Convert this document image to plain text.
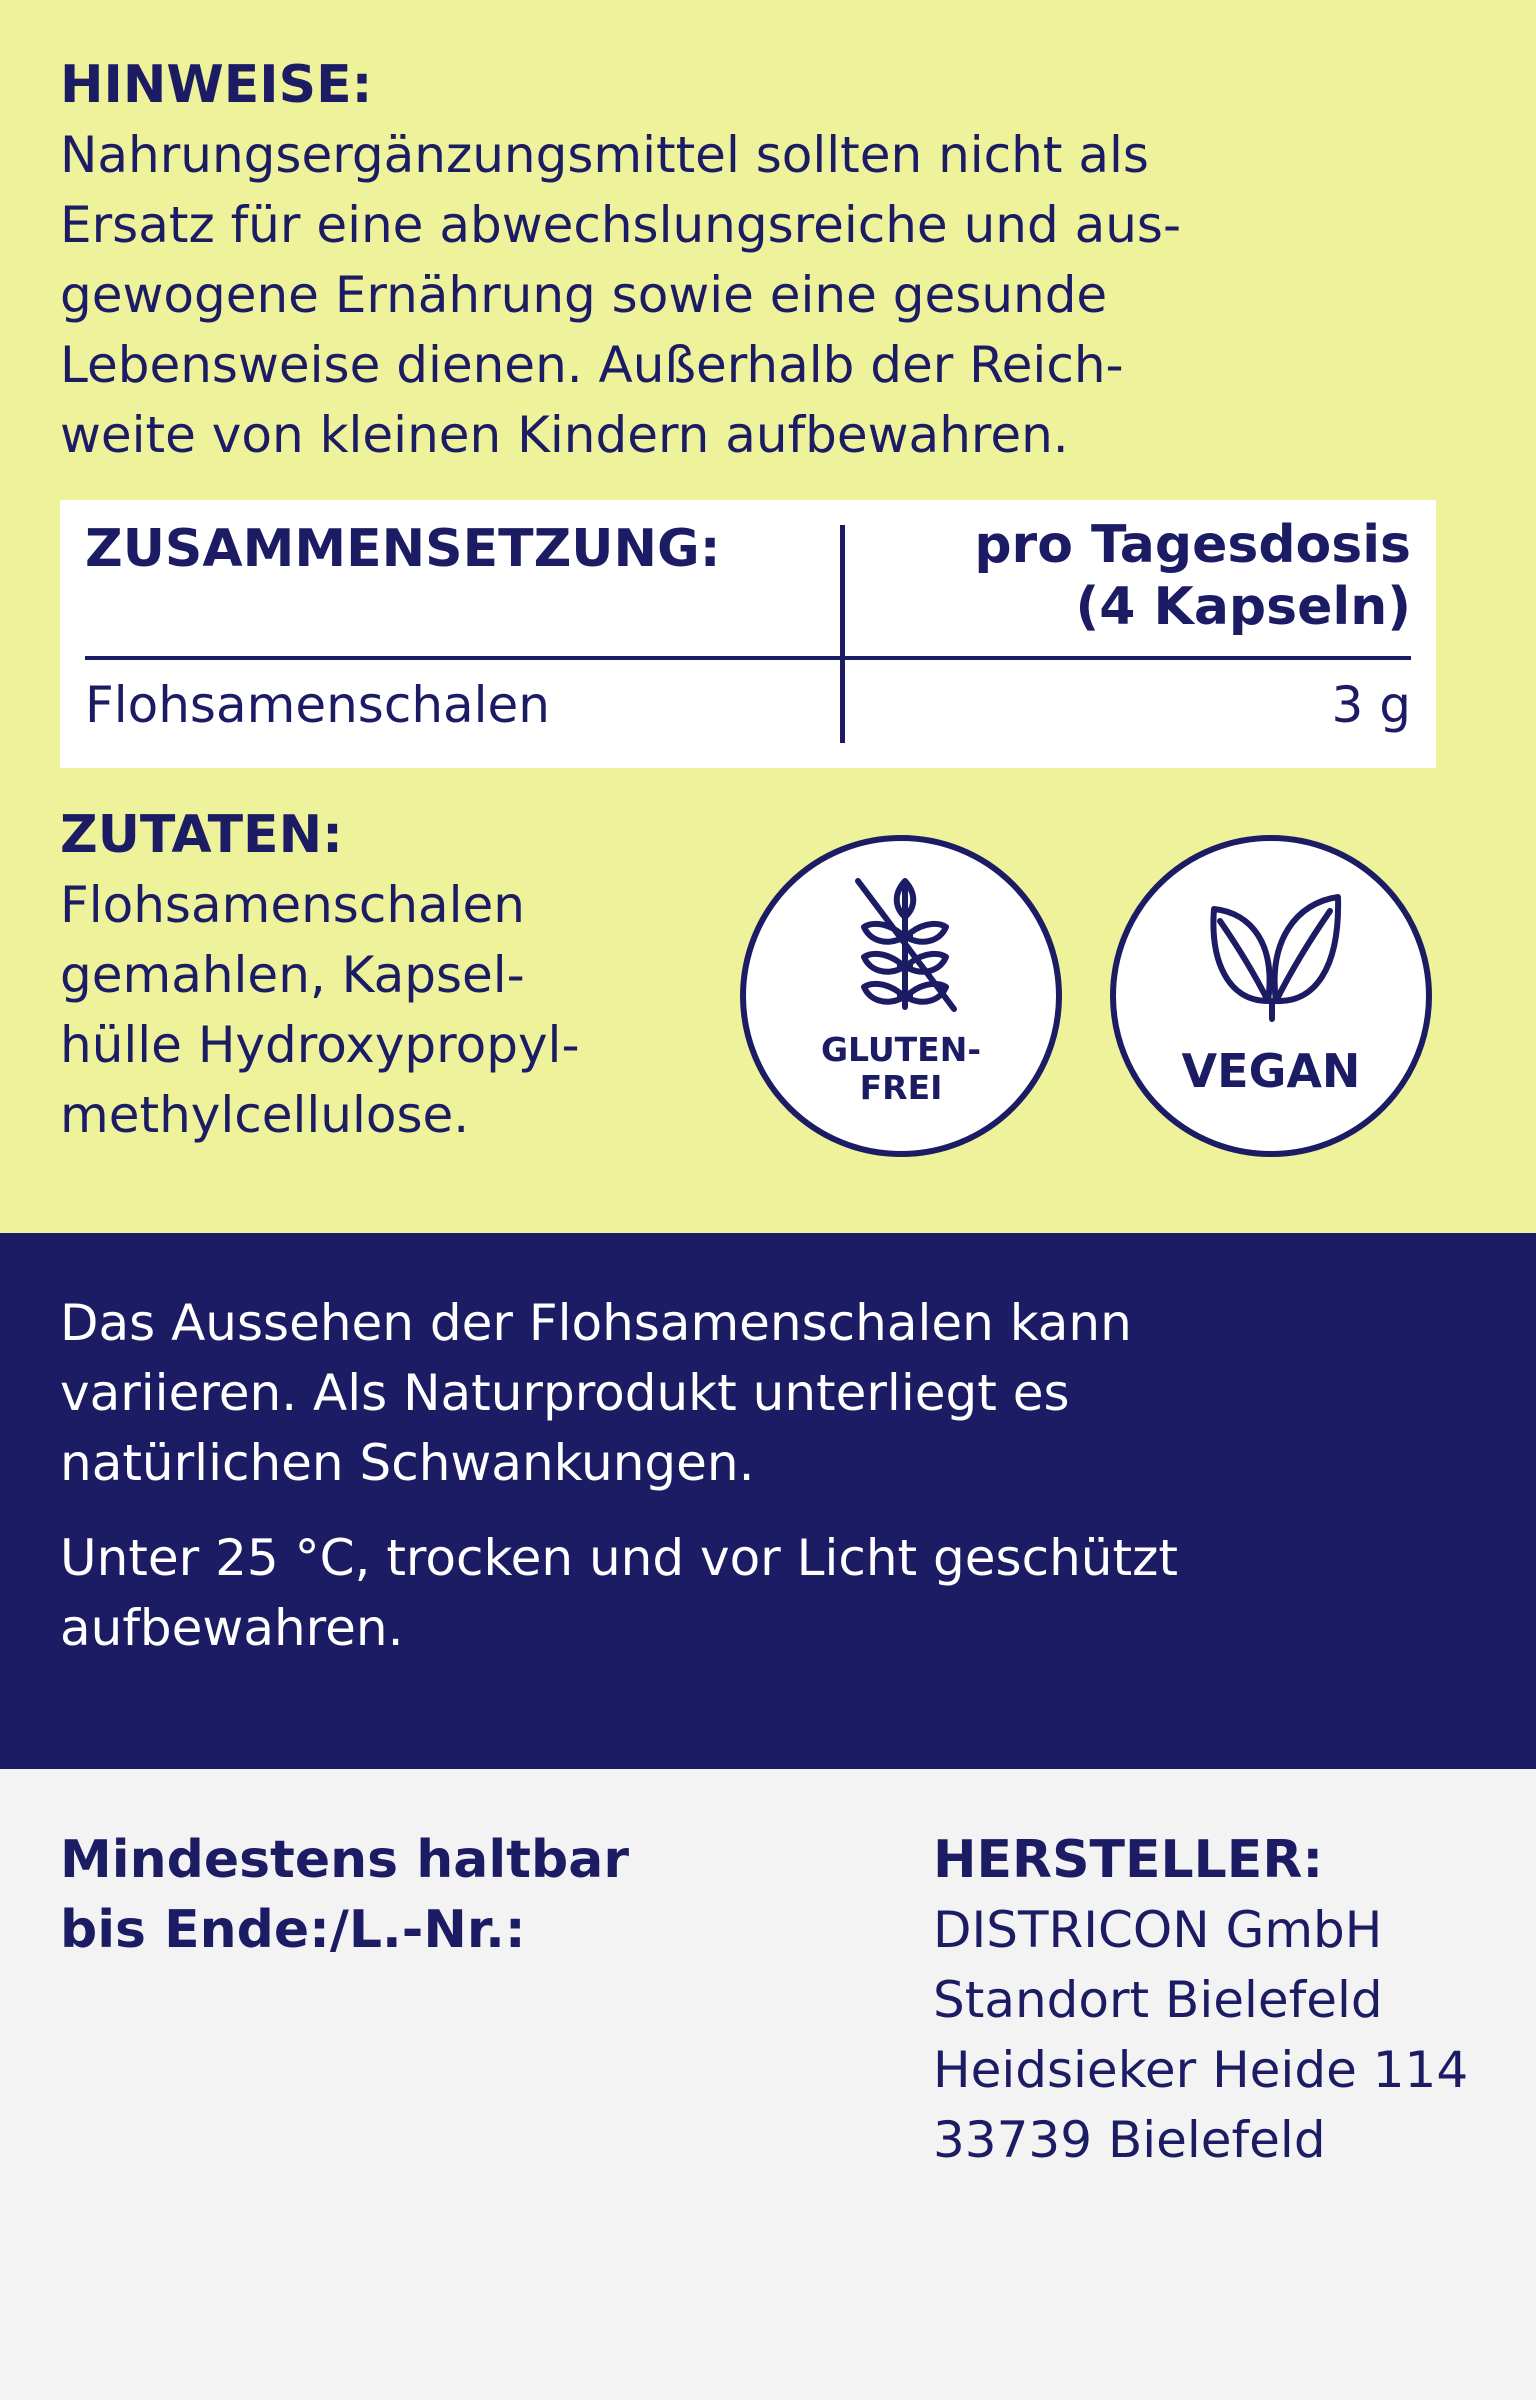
HINWEISE:

Nahrungsergänzungsmittel sollten nicht als
Ersatz für eine abwechslungsreiche und aus-
gewogene Ernährung sowie eine gesunde
Lebensweise dienen. Außerhalb der Reich-
weite von kleinen Kindern aufbewahren.

ZUSAMMENSETZUNG:	pro Tagesdosis
(4 Kapseln)
Flohsamenschalen	3 g

ZUTATEN:

Flohsamenschalen
gemahlen, Kapsel-
hülle Hydroxypropyl-
methylcellulose.

GLUTEN-
FREI	VEGAN

Das Aussehen der Flohsamenschalen kann
variieren. Als Naturprodukt unterliegt es
natürlichen Schwankungen.

Unter 25 °C, trocken und vor Licht geschützt
aufbewahren.

Mindestens haltbar
bis Ende:/L.-Nr.:

HERSTELLER:

DISTRICON GmbH
Standort Bielefeld
Heidsieker Heide 114
33739 Bielefeld
